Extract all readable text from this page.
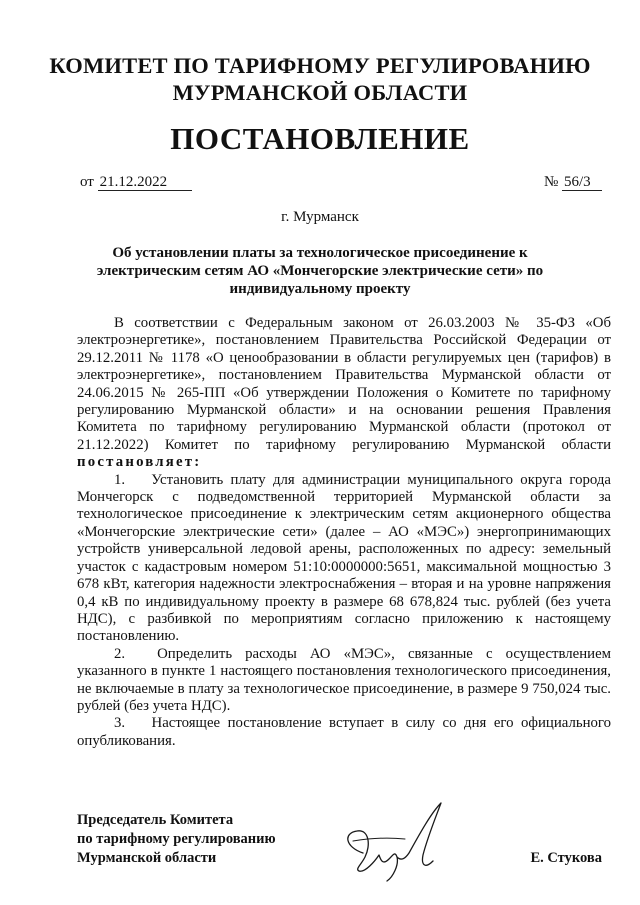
КОМИТЕТ ПО ТАРИФНОМУ РЕГУЛИРОВАНИЮ
МУРМАНСКОЙ ОБЛАСТИ
ПОСТАНОВЛЕНИЕ
от 21.12.2022	№ 56/3
г. Мурманск
Об установлении платы за технологическое присоединение к
электрическим сетям АО «Мончегорские электрические сети» по
индивидуальному проекту

В соответствии с Федеральным законом от 26.03.2003 № 35-ФЗ «Об электроэнергетике», постановлением Правительства Российской Федерации от 29.12.2011 № 1178 «О ценообразовании в области регулируемых цен (тарифов) в электроэнергетике», постановлением Правительства Мурманской области от 24.06.2015 № 265-ПП «Об утверждении Положения о Комитете по тарифному регулированию Мурманской области» и на основании решения Правления Комитета по тарифному регулированию Мурманской области (протокол от 21.12.2022) Комитет по тарифному регулированию Мурманской области постановляет:

1. Установить плату для администрации муниципального округа города Мончегорск с подведомственной территорией Мурманской области за технологическое присоединение к электрическим сетям акционерного общества «Мончегорские электрические сети» (далее – АО «МЭС») энергопринимающих устройств универсальной ледовой арены, расположенных по адресу: земельный участок с кадастровым номером 51:10:0000000:5651, максимальной мощностью 3 678 кВт, категория надежности электроснабжения – вторая и на уровне напряжения 0,4 кВ по индивидуальному проекту в размере 68 678,824 тыс. рублей (без учета НДС), с разбивкой по мероприятиям согласно приложению к настоящему постановлению.

2. Определить расходы АО «МЭС», связанные с осуществлением указанного в пункте 1 настоящего постановления технологического присоединения, не включаемые в плату за технологическое присоединение, в размере 9 750,024 тыс. рублей (без учета НДС).

3. Настоящее постановление вступает в силу со дня его официального опубликования.

Председатель Комитета
по тарифному регулированию
Мурманской области	Е. Стукова
